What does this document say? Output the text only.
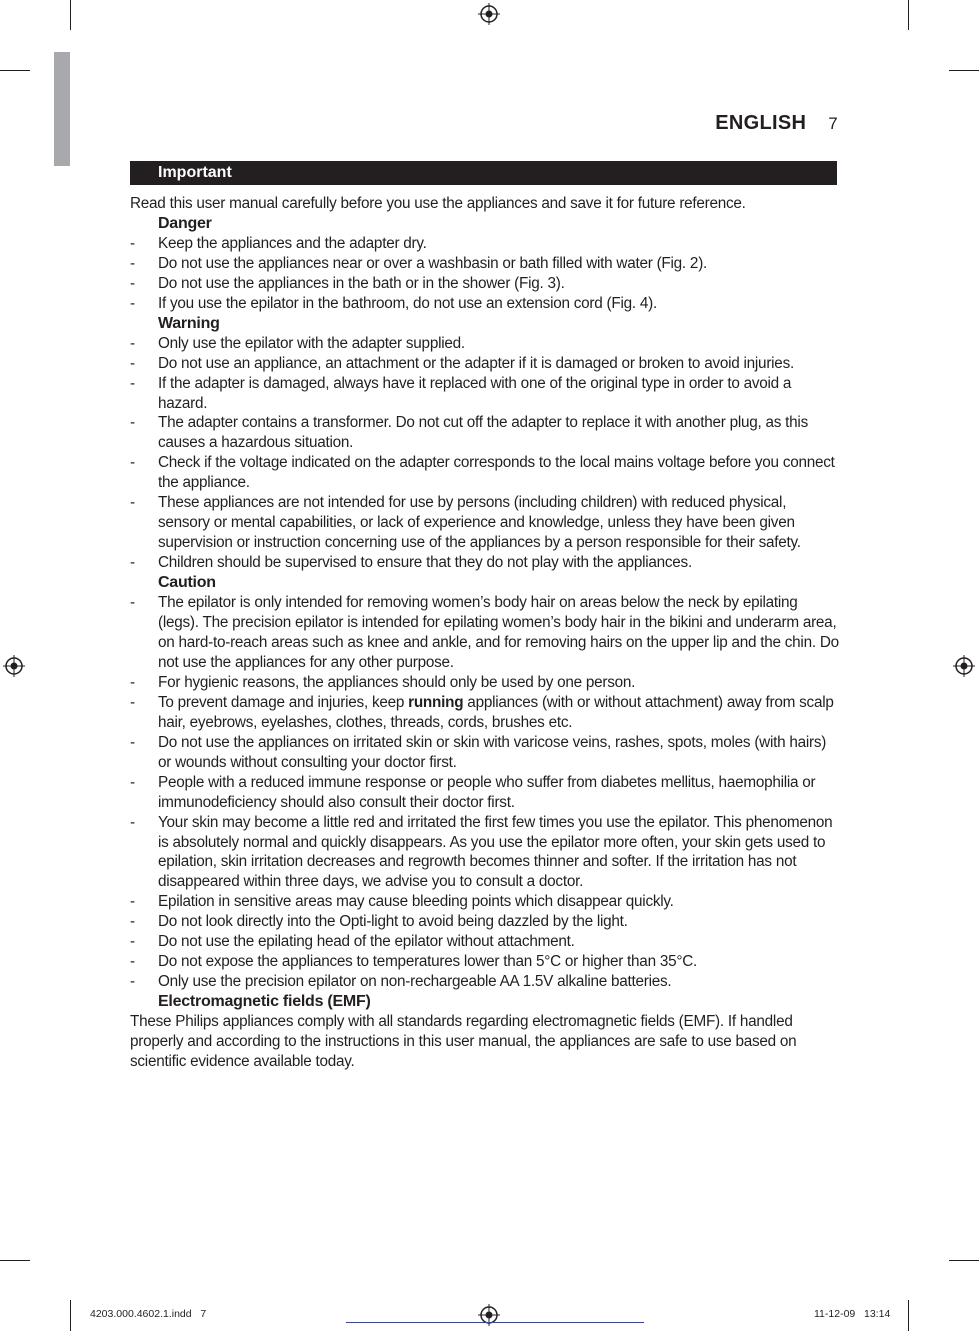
ENGLISH 7
Important

Read this user manual carefully before you use the appliances and save it for future reference.

Danger

-	Keep the appliances and the adapter dry.
-	Do not use the appliances near or over a washbasin or bath filled with water (Fig. 2).
-	Do not use the appliances in the bath or in the shower (Fig. 3).
-	If you use the epilator in the bathroom, do not use an extension cord (Fig. 4).

Warning

-	Only use the epilator with the adapter supplied.
-	Do not use an appliance, an attachment or the adapter if it is damaged or broken to avoid injuries.
-	If the adapter is damaged, always have it replaced with one of the original type in order to avoid a hazard.
-	The adapter contains a transformer. Do not cut off the adapter to replace it with another plug, as this causes a hazardous situation.
-	Check if the voltage indicated on the adapter corresponds to the local mains voltage before you connect the appliance.
-	These appliances are not intended for use by persons (including children) with reduced physical, sensory or mental capabilities, or lack of experience and knowledge, unless they have been given supervision or instruction concerning use of the appliances by a person responsible for their safety.
-	Children should be supervised to ensure that they do not play with the appliances.

Caution

-	The epilator is only intended for removing women’s body hair on areas below the neck by epilating (legs). The precision epilator is intended for epilating women’s body hair in the bikini and underarm area, on hard-to-reach areas such as knee and ankle, and for removing hairs on the upper lip and the chin. Do not use the appliances for any other purpose.
-	For hygienic reasons, the appliances should only be used by one person.
-	To prevent damage and injuries, keep running appliances (with or without attachment) away from scalp hair, eyebrows, eyelashes, clothes, threads, cords, brushes etc.
-	Do not use the appliances on irritated skin or skin with varicose veins, rashes, spots, moles (with hairs) or wounds without consulting your doctor first.
-	People with a reduced immune response or people who suffer from diabetes mellitus, haemophilia or immunodeficiency should also consult their doctor first.
-	Your skin may become a little red and irritated the first few times you use the epilator. This phenomenon is absolutely normal and quickly disappears. As you use the epilator more often, your skin gets used to epilation, skin irritation decreases and regrowth becomes thinner and softer. If the irritation has not disappeared within three days, we advise you to consult a doctor.
-	Epilation in sensitive areas may cause bleeding points which disappear quickly.
-	Do not look directly into the Opti-light to avoid being dazzled by the light.
-	Do not use the epilating head of the epilator without attachment.
-	Do not expose the appliances to temperatures lower than 5°C or higher than 35°C.
-	Only use the precision epilator on non-rechargeable AA 1.5V alkaline batteries.

Electromagnetic fields (EMF)

These Philips appliances comply with all standards regarding electromagnetic fields (EMF). If handled properly and according to the instructions in this user manual, the appliances are safe to use based on scientific evidence available today.

4203.000.4602.1.indd   7	11-12-09   13:14
